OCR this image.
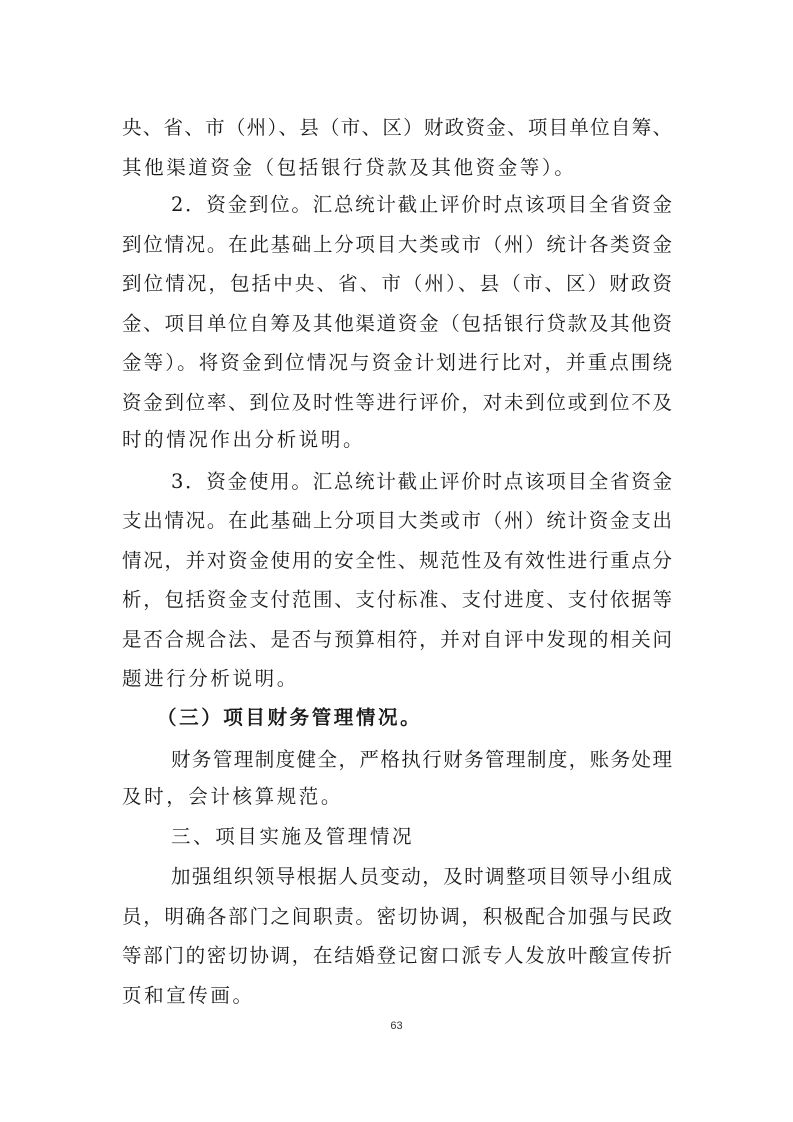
央、省、市（州）、县（市、区）财政资金、项目单位自筹、
其他渠道资金（包括银行贷款及其他资金等）。
2．资金到位。汇总统计截止评价时点该项目全省资金
到位情况。在此基础上分项目大类或市（州）统计各类资金
到位情况，包括中央、省、市（州）、县（市、区）财政资
金、项目单位自筹及其他渠道资金（包括银行贷款及其他资
金等）。将资金到位情况与资金计划进行比对，并重点围绕
资金到位率、到位及时性等进行评价，对未到位或到位不及
时的情况作出分析说明。
3．资金使用。汇总统计截止评价时点该项目全省资金
支出情况。在此基础上分项目大类或市（州）统计资金支出
情况，并对资金使用的安全性、规范性及有效性进行重点分
析，包括资金支付范围、支付标准、支付进度、支付依据等
是否合规合法、是否与预算相符，并对自评中发现的相关问
题进行分析说明。
（三）项目财务管理情况。
财务管理制度健全，严格执行财务管理制度，账务处理
及时，会计核算规范。
三、项目实施及管理情况
加强组织领导根据人员变动，及时调整项目领导小组成
员，明确各部门之间职责。密切协调，积极配合加强与民政
等部门的密切协调，在结婚登记窗口派专人发放叶酸宣传折
页和宣传画。
63
